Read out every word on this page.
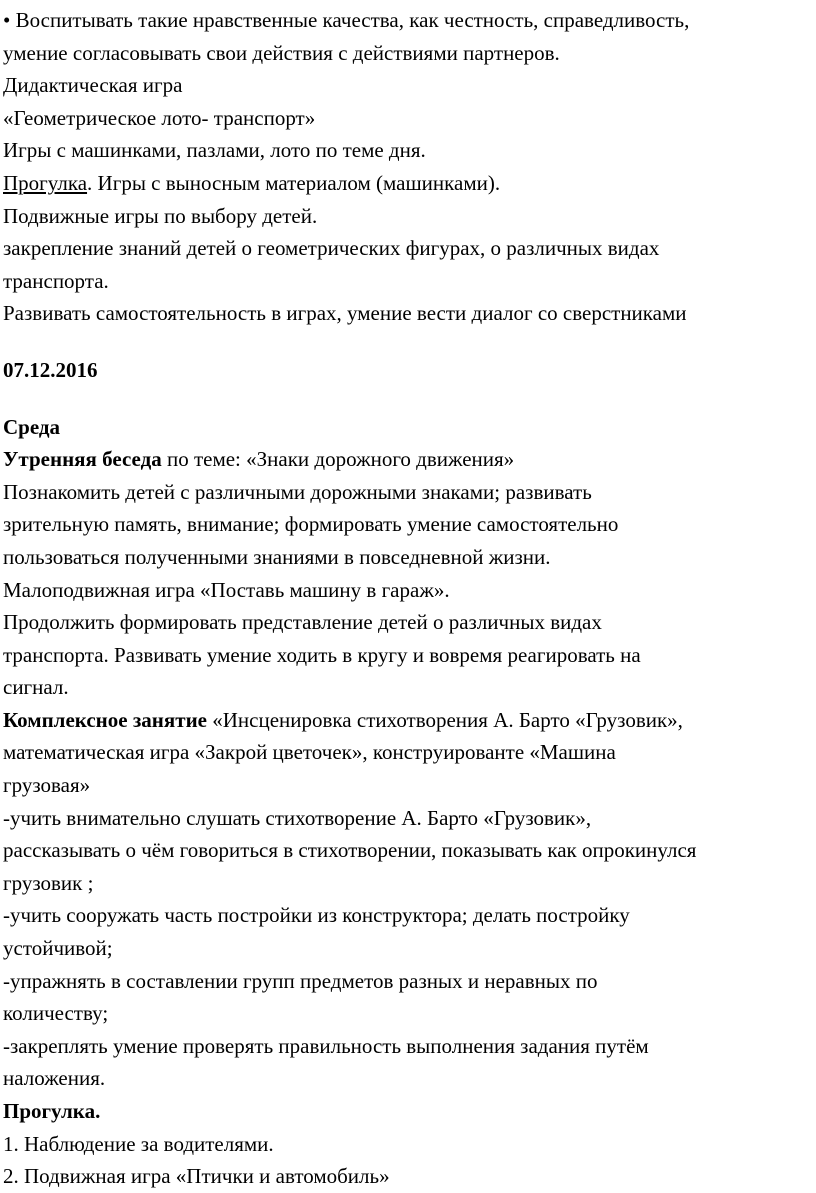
• Воспитывать такие нравственные качества, как честность, справедливость,
умение согласовывать свои действия с действиями партнеров.
Дидактическая игра
«Геометрическое лото- транспорт»
Игры с машинками, пазлами, лото по теме дня.
Прогулка. Игры с выносным материалом (машинками).
Подвижные игры по выбору детей.
закрепление знаний детей о геометрических фигурах, о различных видах
транспорта.
Развивать самостоятельность в играх, умение вести диалог со сверстниками
07.12.2016
Среда
Утренняя беседа по теме: «Знаки дорожного движения»
Познакомить детей с различными дорожными знаками; развивать
зрительную память, внимание; формировать умение самостоятельно
пользоваться полученными знаниями в повседневной жизни.
Малоподвижная игра «Поставь машину в гараж».
Продолжить формировать представление детей о различных видах
транспорта. Развивать умение ходить в кругу и вовремя реагировать на
сигнал.
Комплексное занятие «Инсценировка стихотворения А. Барто «Грузовик»,
математическая игра «Закрой цветочек», конструированте «Машина
грузовая»
-учить внимательно слушать стихотворение А. Барто «Грузовик»,
рассказывать о чём говориться в стихотворении, показывать как опрокинулся
грузовик ;
-учить сооружать часть постройки из конструктора; делать постройку
устойчивой;
-упражнять в составлении групп предметов разных и неравных по
количеству;
-закреплять умение проверять правильность выполнения задания путём
наложения.
Прогулка.
1. Наблюдение за водителями.
2. Подвижная игра «Птички и автомобиль»
